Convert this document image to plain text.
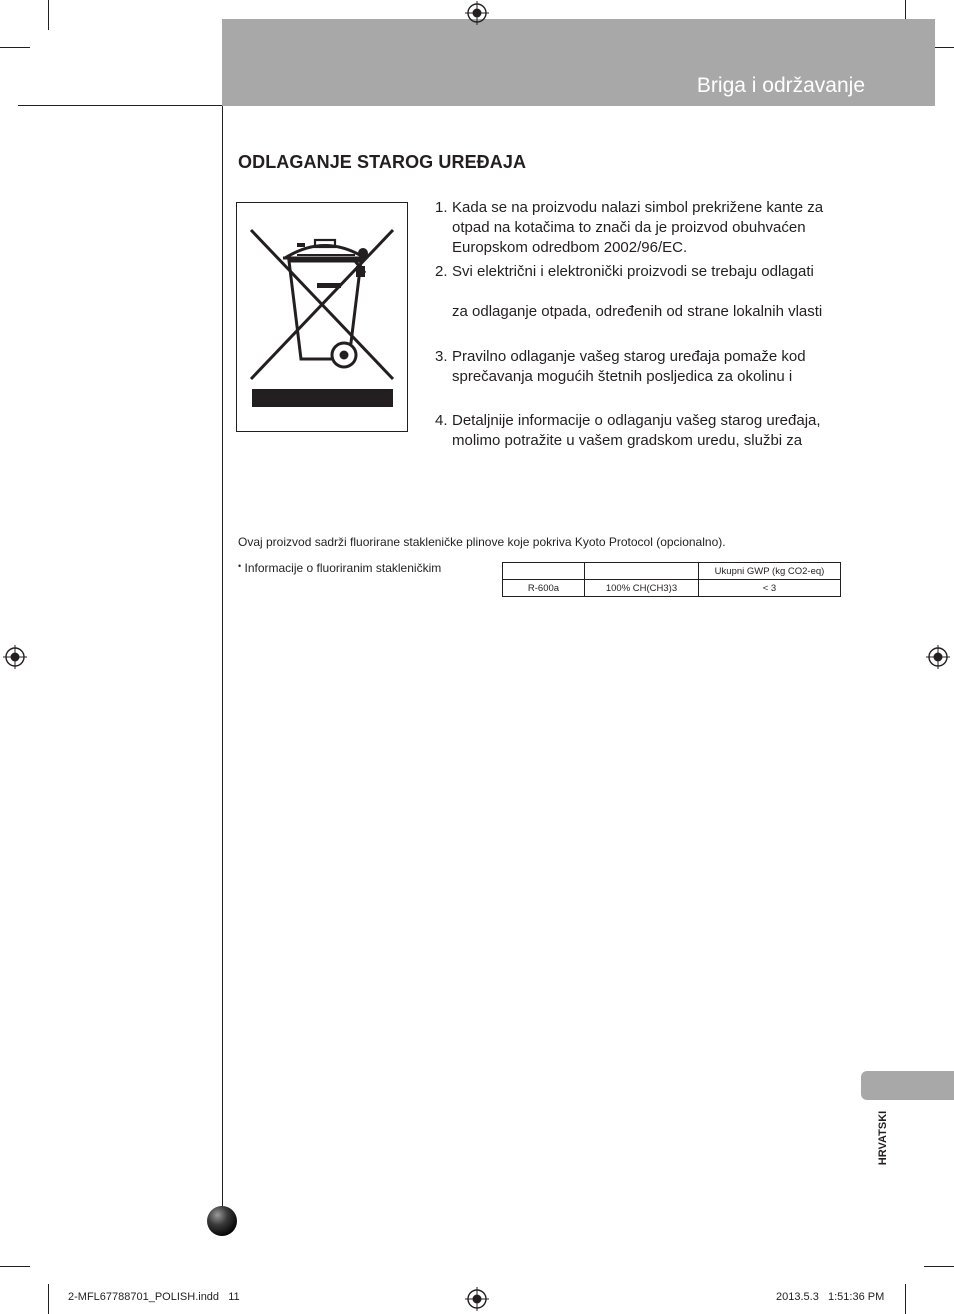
Briga i održavanje
ODLAGANJE STAROG UREĐAJA
1. Kada se na proizvodu nalazi simbol prekrižene kante za
otpad na kotačima to znači da je proizvod obuhvaćen
Europskom odredbom 2002/96/EC.
2. Svi električni i elektronički proizvodi se trebaju odlagati
za odlaganje otpada, određenih od strane lokalnih vlasti
3. Pravilno odlaganje vašeg starog uređaja pomaže kod
sprečavanja mogućih štetnih posljedica za okolinu i
4. Detaljnije informacije o odlaganju vašeg starog uređaja,
molimo potražite u vašem gradskom uredu, službi za
Ovaj proizvod sadrži fluorirane stakleničke plinove koje pokriva Kyoto Protocol (opcionalno).
• Informacije o fluoriranim stakleničkim
			Ukupni GWP (kg CO2-eq)
R-600a	100% CH(CH3)3	< 3
HRVATSKI
2-MFL67788701_POLISH.indd   11	2013.5.3   1:51:36 PM
